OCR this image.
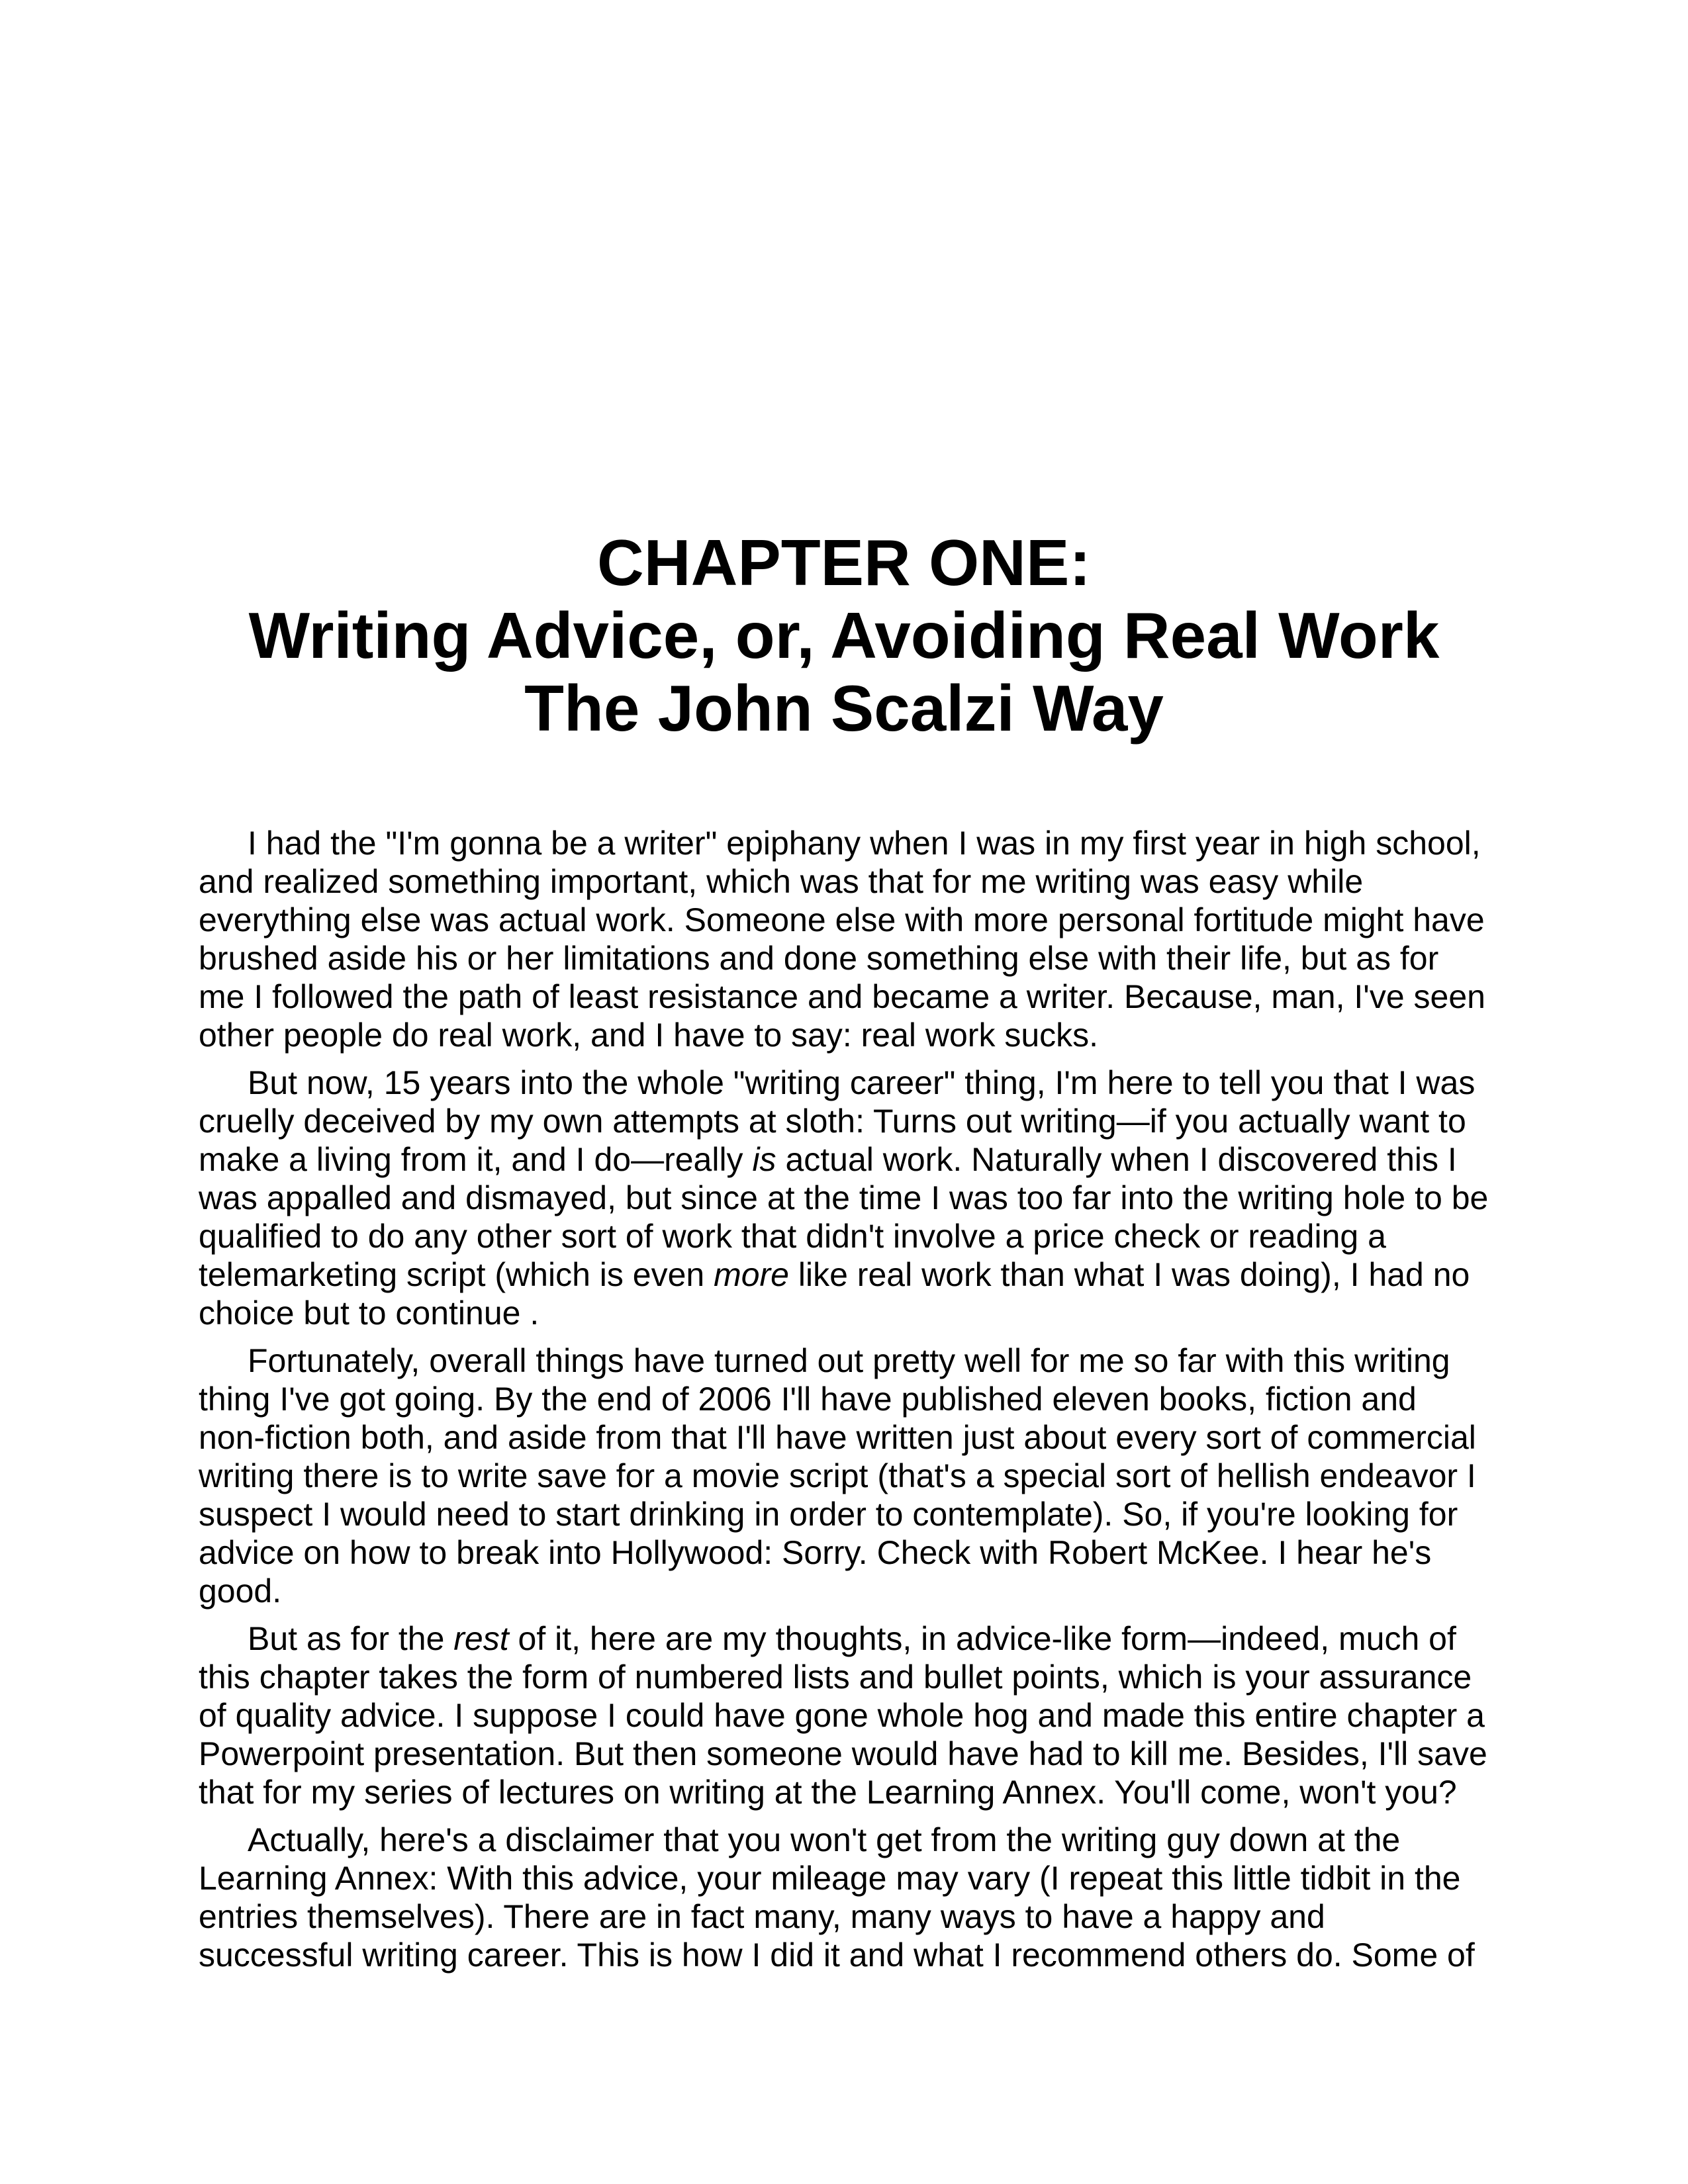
CHAPTER ONE:
Writing Advice, or, Avoiding Real Work
The John Scalzi Way
I had the "I'm gonna be a writer" epiphany when I was in my first year in high school,
and realized something important, which was that for me writing was easy while
everything else was actual work. Someone else with more personal fortitude might have
brushed aside his or her limitations and done something else with their life, but as for
me I followed the path of least resistance and became a writer. Because, man, I've seen
other people do real work, and I have to say: real work sucks.
But now, 15 years into the whole "writing career" thing, I'm here to tell you that I was
cruelly deceived by my own attempts at sloth: Turns out writing—if you actually want to
make a living from it, and I do—really is actual work. Naturally when I discovered this I
was appalled and dismayed, but since at the time I was too far into the writing hole to be
qualified to do any other sort of work that didn't involve a price check or reading a
telemarketing script (which is even more like real work than what I was doing), I had no
choice but to continue .
Fortunately, overall things have turned out pretty well for me so far with this writing
thing I've got going. By the end of 2006 I'll have published eleven books, fiction and
non-fiction both, and aside from that I'll have written just about every sort of commercial
writing there is to write save for a movie script (that's a special sort of hellish endeavor I
suspect I would need to start drinking in order to contemplate). So, if you're looking for
advice on how to break into Hollywood: Sorry. Check with Robert McKee. I hear he's
good.
But as for the rest of it, here are my thoughts, in advice-like form—indeed, much of
this chapter takes the form of numbered lists and bullet points, which is your assurance
of quality advice. I suppose I could have gone whole hog and made this entire chapter a
Powerpoint presentation. But then someone would have had to kill me. Besides, I'll save
that for my series of lectures on writing at the Learning Annex. You'll come, won't you?
Actually, here's a disclaimer that you won't get from the writing guy down at the
Learning Annex: With this advice, your mileage may vary (I repeat this little tidbit in the
entries themselves). There are in fact many, many ways to have a happy and
successful writing career. This is how I did it and what I recommend others do. Some of
